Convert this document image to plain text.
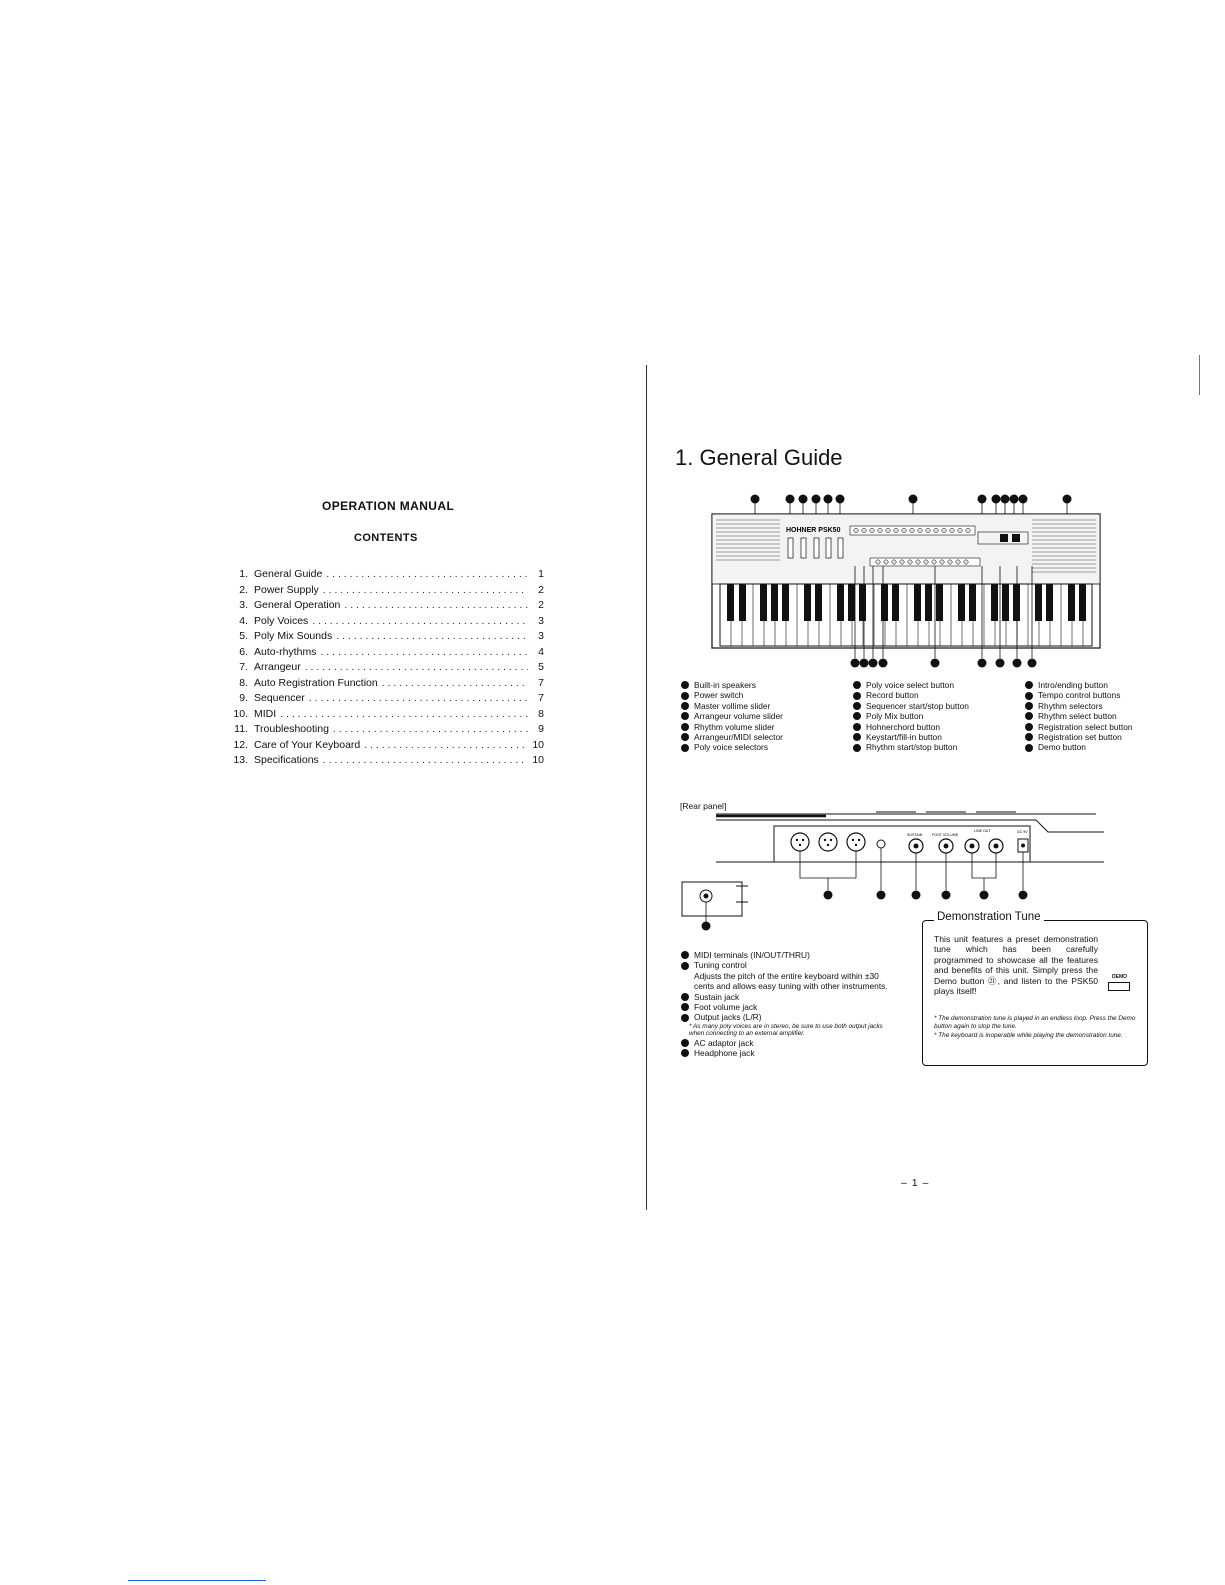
OPERATION MANUAL
CONTENTS
1. General Guide . . .	1
2. Power Supply . . .	2
3. General Operation . . .	2
4. Poly Voices . . .	3
5. Poly Mix Sounds . . .	3
6. Auto-rhythms . . .	4
7. Arrangeur . . .	5
8. Auto Registration Function . . .	7
9. Sequencer . . .	7
10. MIDI . . .	8
11. Troubleshooting . . .	9
12. Care of Your Keyboard . . .	10
13. Specifications . . .	10
1. General Guide
HOHNER PSK50
Built-in speakers
Power switch
Master vollime slider
Arrangeur volume slider
Rhythm volume slider
Arrangeur/MIDI selector
Poly voice selectors
Poly voice select button
Record button
Sequencer start/stop button
Poly Mix button
Hohnerchord button
Keystart/fill-in button
Rhythm start/stop button
Intro/ending button
Tempo control buttons
Rhythm selectors
Rhythm select button
Registration select button
Registration set button
Demo button
[Rear panel]
SUSTAIN	FOOT VOLUME
LINE OUT	DC 9V
MIDI terminals (IN/OUT/THRU)
Tuning control
Adjusts the pitch of the entire keyboard within ±30
cents and allows easy tuning with other instruments.
Sustain jack
Foot volume jack
Output jacks (L/R)
* As many poly voices are in stereo, be sure to use both output jacks
when connecting to an external amplifier.
AC adaptor jack
Headphone jack
Demonstration Tune
This unit features a preset demonstration tune which has been carefully programmed to showcase all the features and benefits of this unit. Simply press the Demo button ㉑, and listen to the PSK50 plays itself!
DEMO
* The demonstration tune is played in an endless loop. Press the Demo button again to stop the tune.
* The keyboard is inoperable while playing the demonstration tune.
– 1 –
